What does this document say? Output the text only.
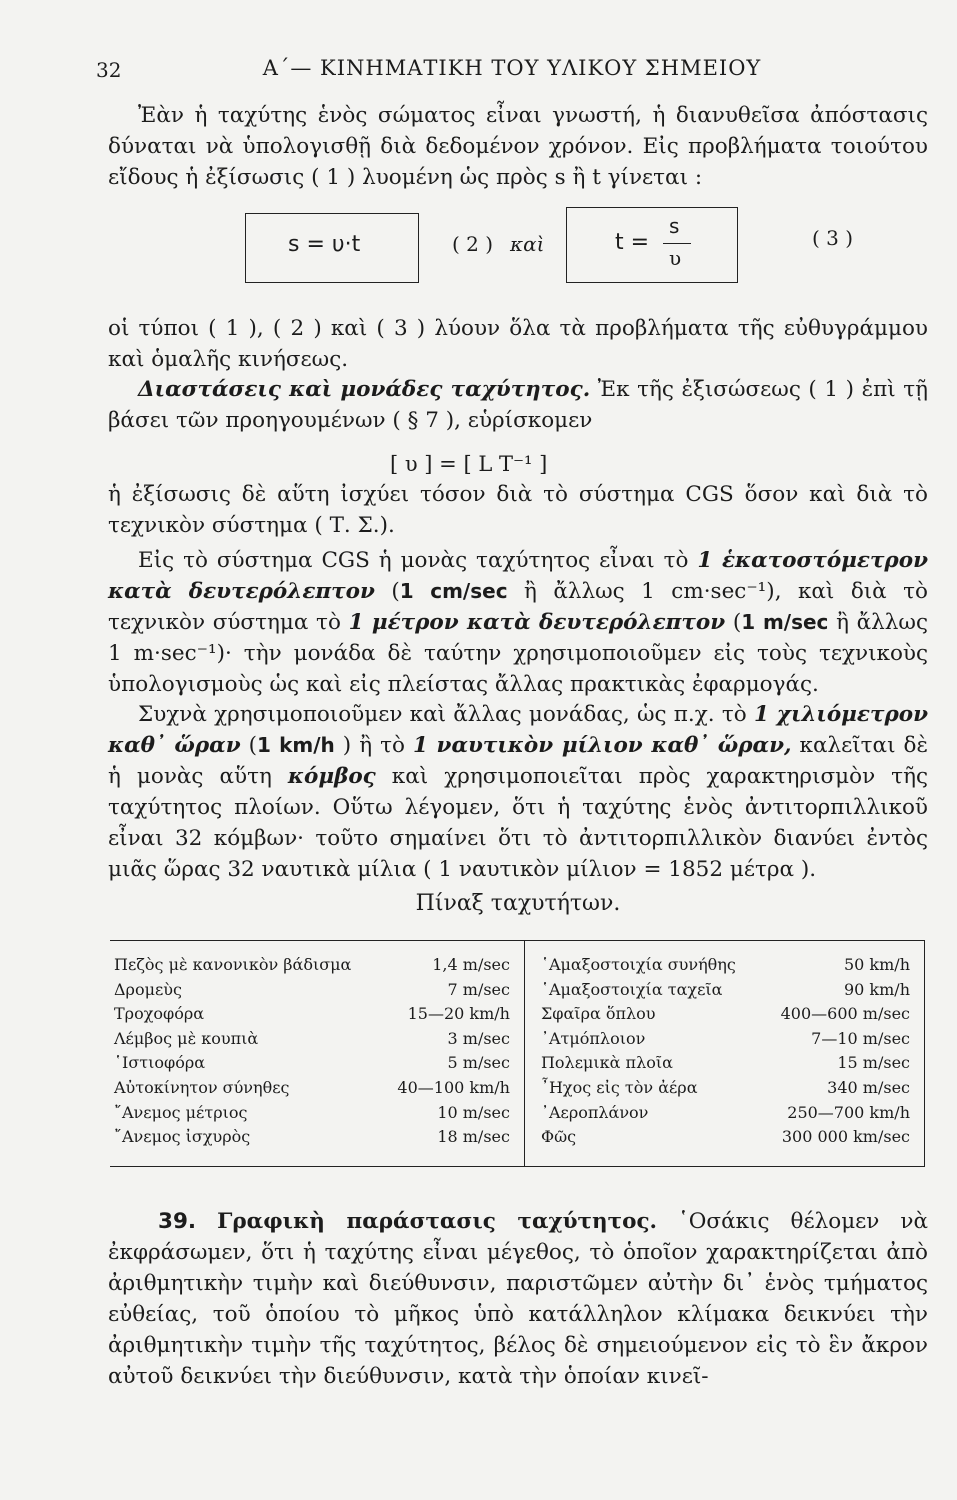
32	Α΄— ΚΙΝΗΜΑΤΙΚΗ ΤΟΥ ΥΛΙΚΟΥ ΣΗΜΕΙΟΥ

Ἐὰν ἡ ταχύτης ἑνὸς σώματος εἶναι γνωστή, ἡ διανυθεῖσα ἀπόστασις δύναται νὰ ὑπολογισθῇ διὰ δεδομένον χρόνον. Εἰς προβλήματα τοιούτου εἴδους ἡ ἐξίσωσις ( 1 ) λυομένη ὡς πρὸς s ἢ t γίνεται :

s = υ·t	( 2 ) καὶ	t =
s
υ
( 3 )

οἱ τύποι ( 1 ), ( 2 ) καὶ ( 3 ) λύουν ὅλα τὰ προβλήματα τῆς εὐθυγράμμου καὶ ὁμαλῆς κινήσεως.

Διαστάσεις καὶ μονάδες ταχύτητος. Ἐκ τῆς ἐξισώσεως ( 1 ) ἐπὶ τῇ βάσει τῶν προηγουμένων ( § 7 ), εὑρίσκομεν

[ υ ] = [ L T⁻¹ ]

ἡ ἐξίσωσις δὲ αὕτη ἰσχύει τόσον διὰ τὸ σύστημα CGS ὅσον καὶ διὰ τὸ τεχνικὸν σύστημα ( Τ. Σ.).

Εἰς τὸ σύστημα CGS ἡ μονὰς ταχύτητος εἶναι τὸ 1 ἑκατοστόμετρον κατὰ δευτερόλεπτον (1 cm/sec ἢ ἄλλως 1 cm·sec⁻¹), καὶ διὰ τὸ τεχνικὸν σύστημα τὸ 1 μέτρον κατὰ δευτερόλεπτον (1 m/sec ἢ ἄλλως 1 m·sec⁻¹)· τὴν μονάδα δὲ ταύτην χρησιμοποιοῦμεν εἰς τοὺς τεχνικοὺς ὑπολογισμοὺς ὡς καὶ εἰς πλείστας ἄλλας πρακτικὰς ἐφαρμογάς.

Συχνὰ χρησιμοποιοῦμεν καὶ ἄλλας μονάδας, ὡς π.χ. τὸ 1 χιλιόμετρον καθ᾽ ὥραν (1 km/h ) ἢ τὸ 1 ναυτικὸν μίλιον καθ᾽ ὥραν, καλεῖται δὲ ἡ μονὰς αὕτη κόμβος καὶ χρησιμοποιεῖται πρὸς χαρακτηρισμὸν τῆς ταχύτητος πλοίων. Οὕτω λέγομεν, ὅτι ἡ ταχύτης ἑνὸς ἀντιτορπιλλικοῦ εἶναι 32 κόμβων· τοῦτο σημαίνει ὅτι τὸ ἀντιτορπιλλικὸν διανύει ἐντὸς μιᾶς ὥρας 32 ναυτικὰ μίλια ( 1 ναυτικὸν μίλιον = 1852 μέτρα ).

Πίναξ ταχυτήτων.
Πεζὸς μὲ κανονικὸν βάδισμα	1,4 m/sec	῾Αμαξοστοιχία συνήθης	50 km/h
Δρομεὺς	7 m/sec	῾Αμαξοστοιχία ταχεῖα	90 km/h
Τροχοφόρα	15—20 km/h	Σφαῖρα ὅπλου	400—600 m/sec
Λέμβος μὲ κουπιὰ	3 m/sec	᾿Ατμόπλοιον	7—10 m/sec
῾Ιστιοφόρα	5 m/sec	Πολεμικὰ πλοῖα	15 m/sec
Αὐτοκίνητον σύνηθες	40—100 km/h	῏Ηχος εἰς τὸν ἀέρα	340 m/sec
῎Ανεμος μέτριος	10 m/sec	᾿Αεροπλάνον	250—700 km/h
῎Ανεμος ἰσχυρὸς	18 m/sec	Φῶς	300 000 km/sec

39. Γραφικὴ παράστασις ταχύτητος. ῾Οσάκις θέλομεν νὰ ἐκφράσωμεν, ὅτι ἡ ταχύτης εἶναι μέγεθος, τὸ ὁποῖον χαρακτηρίζεται ἀπὸ ἀριθμητικὴν τιμὴν καὶ διεύθυνσιν, παριστῶμεν αὐτὴν δι᾽ ἑνὸς τμήματος εὐθείας, τοῦ ὁποίου τὸ μῆκος ὑπὸ κατάλληλον κλίμακα δεικνύει τὴν ἀριθμητικὴν τιμὴν τῆς ταχύτητος, βέλος δὲ σημειούμενον εἰς τὸ ἓν ἄκρον αὐτοῦ δεικνύει τὴν διεύθυνσιν, κατὰ τὴν ὁποίαν κινεῖ-
